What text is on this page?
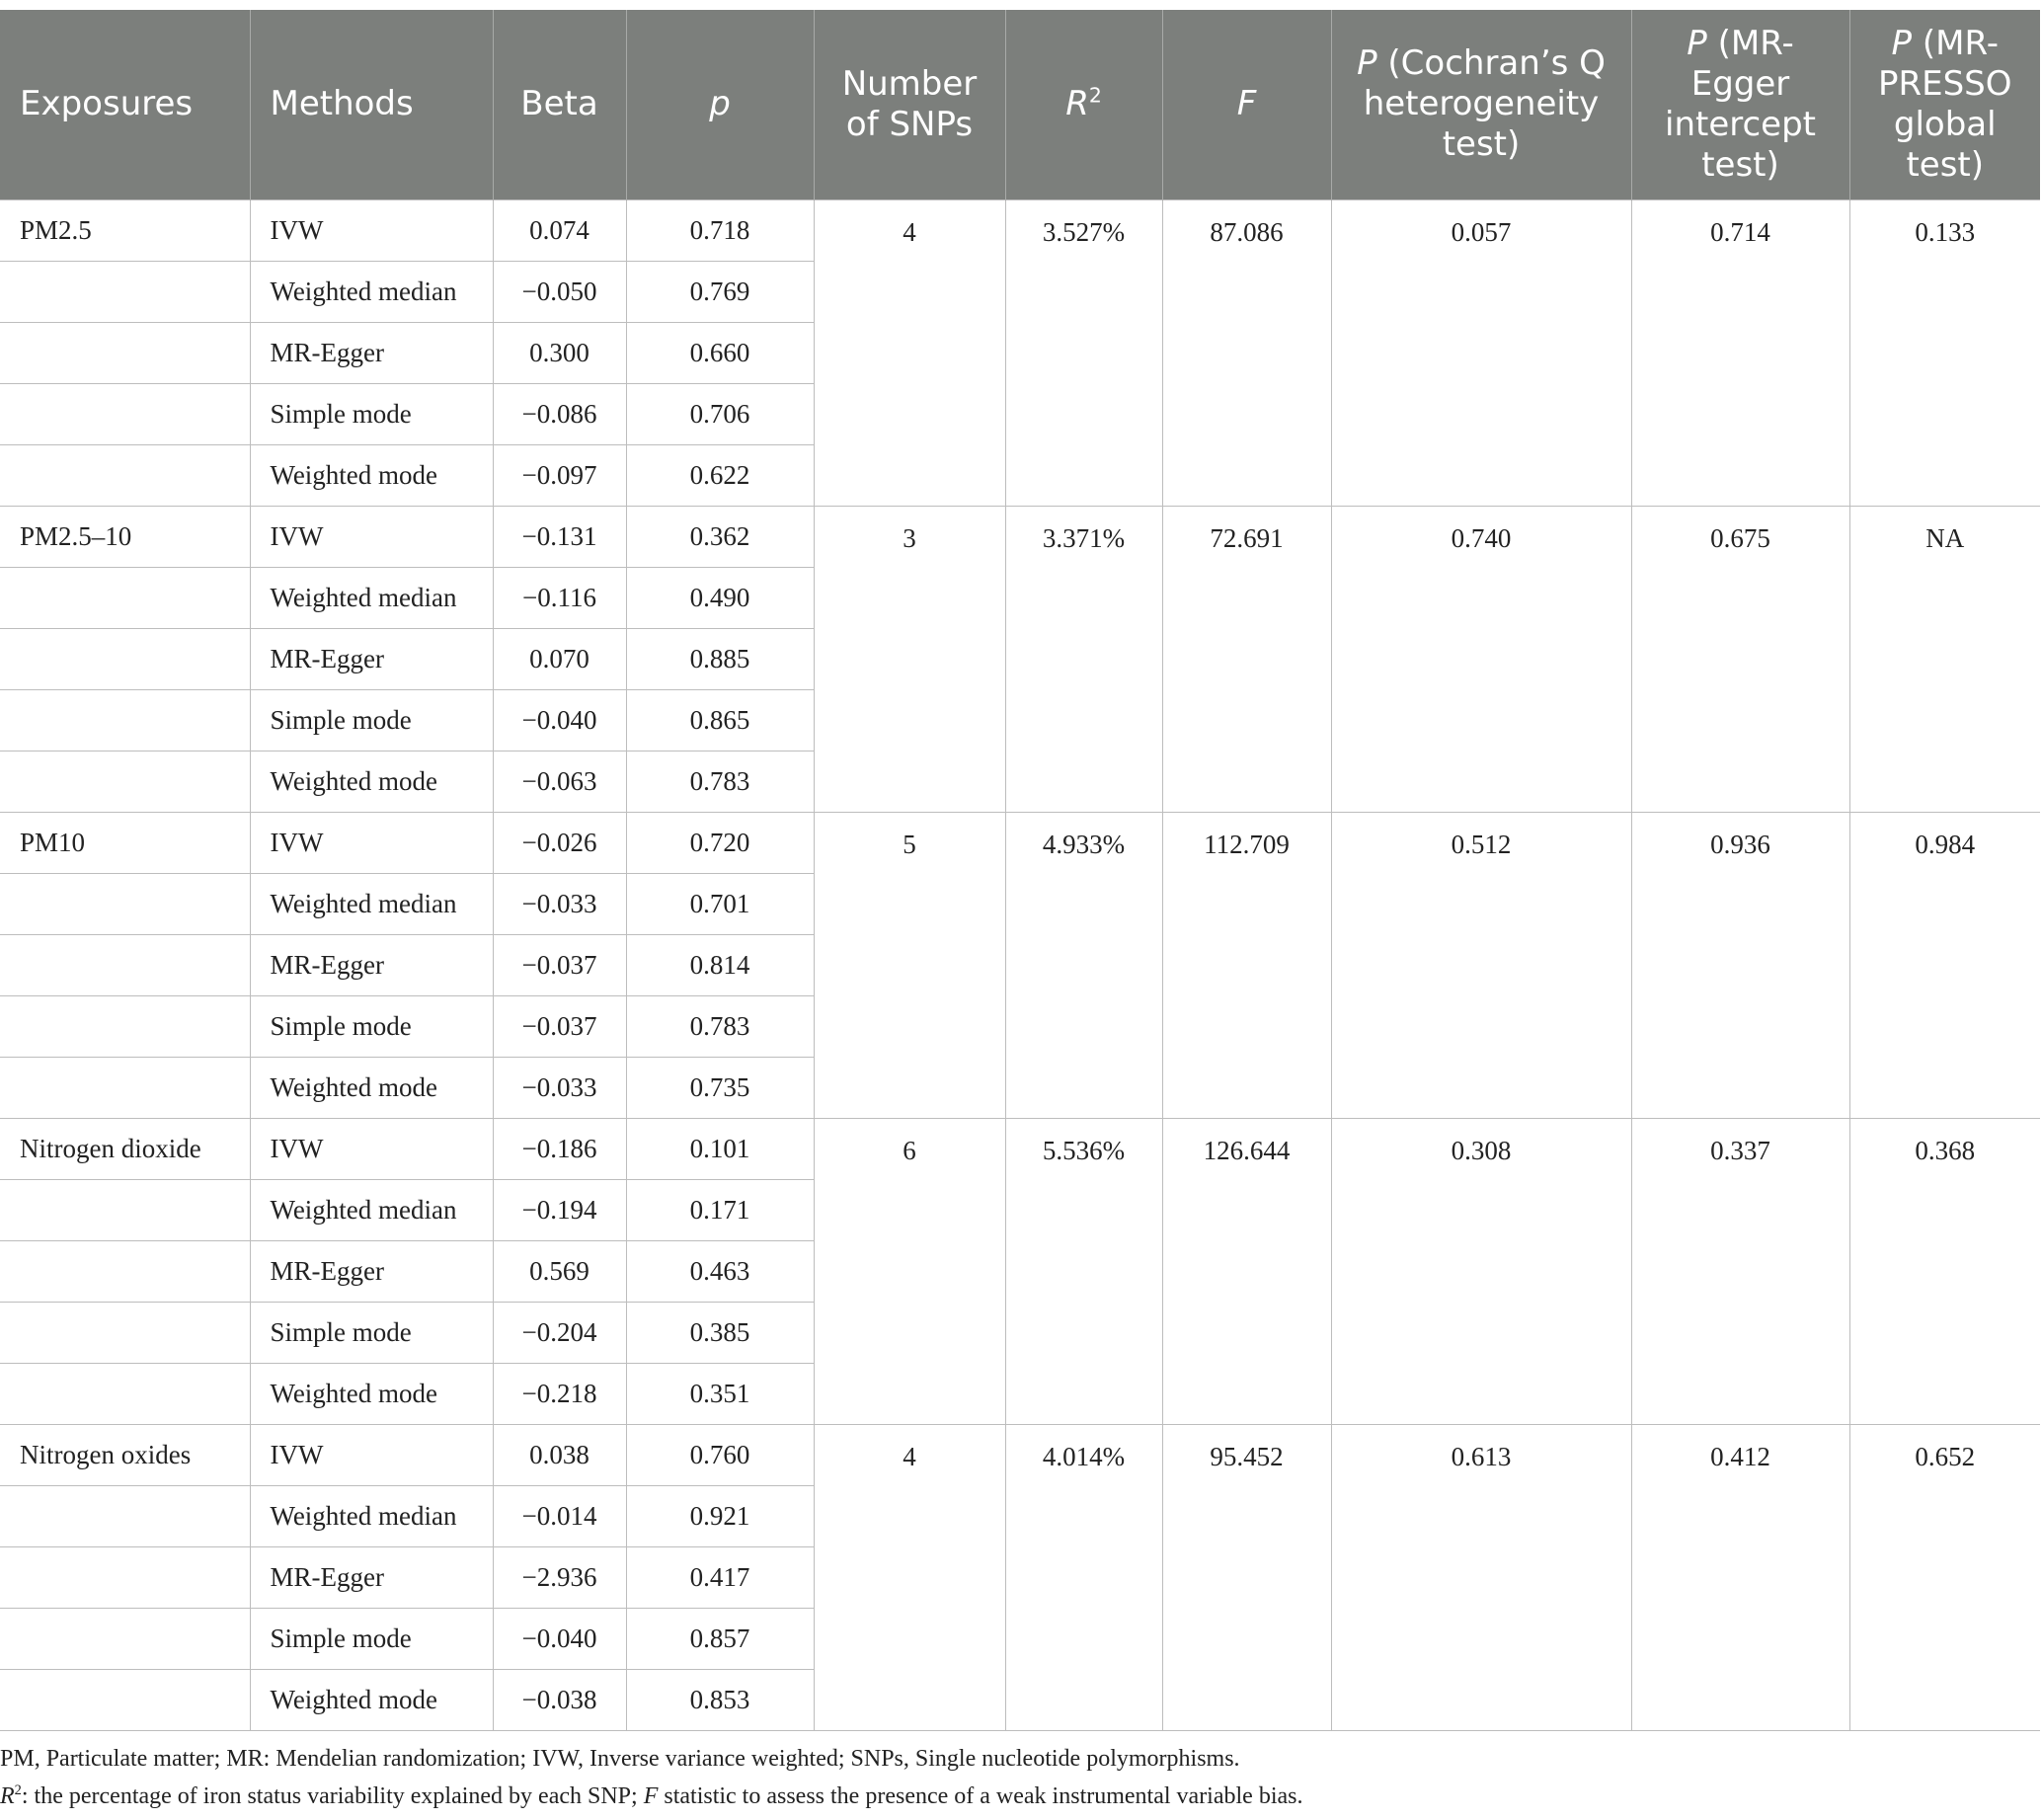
Exposures	Methods	Beta	p	Number of SNPs	$R^2$	F	P (Cochran’s Q heterogeneity test)	P (MR-Egger intercept test)	P (MR-PRESSO global test)
PM2.5	IVW	0.074	0.718	4	3.527%	87.086	0.057	0.714	0.133
	Weighted median	−0.050	0.769						
	MR-Egger	0.300	0.660						
	Simple mode	−0.086	0.706						
	Weighted mode	−0.097	0.622						
PM2.5–10	IVW	−0.131	0.362	3	3.371%	72.691	0.740	0.675	NA
	Weighted median	−0.116	0.490						
	MR-Egger	0.070	0.885						
	Simple mode	−0.040	0.865						
	Weighted mode	−0.063	0.783						
PM10	IVW	−0.026	0.720	5	4.933%	112.709	0.512	0.936	0.984
	Weighted median	−0.033	0.701						
	MR-Egger	−0.037	0.814						
	Simple mode	−0.037	0.783						
	Weighted mode	−0.033	0.735						
Nitrogen dioxide	IVW	−0.186	0.101	6	5.536%	126.644	0.308	0.337	0.368
	Weighted median	−0.194	0.171						
	MR-Egger	0.569	0.463						
	Simple mode	−0.204	0.385						
	Weighted mode	−0.218	0.351						
Nitrogen oxides	IVW	0.038	0.760	4	4.014%	95.452	0.613	0.412	0.652
	Weighted median	−0.014	0.921						
	MR-Egger	−2.936	0.417						
	Simple mode	−0.040	0.857						
	Weighted mode	−0.038	0.853						

PM, Particulate matter; MR: Mendelian randomization; IVW, Inverse variance weighted; SNPs, Single nucleotide polymorphisms.

$R^2$: the percentage of iron status variability explained by each SNP; F statistic to assess the presence of a weak instrumental variable bias.
